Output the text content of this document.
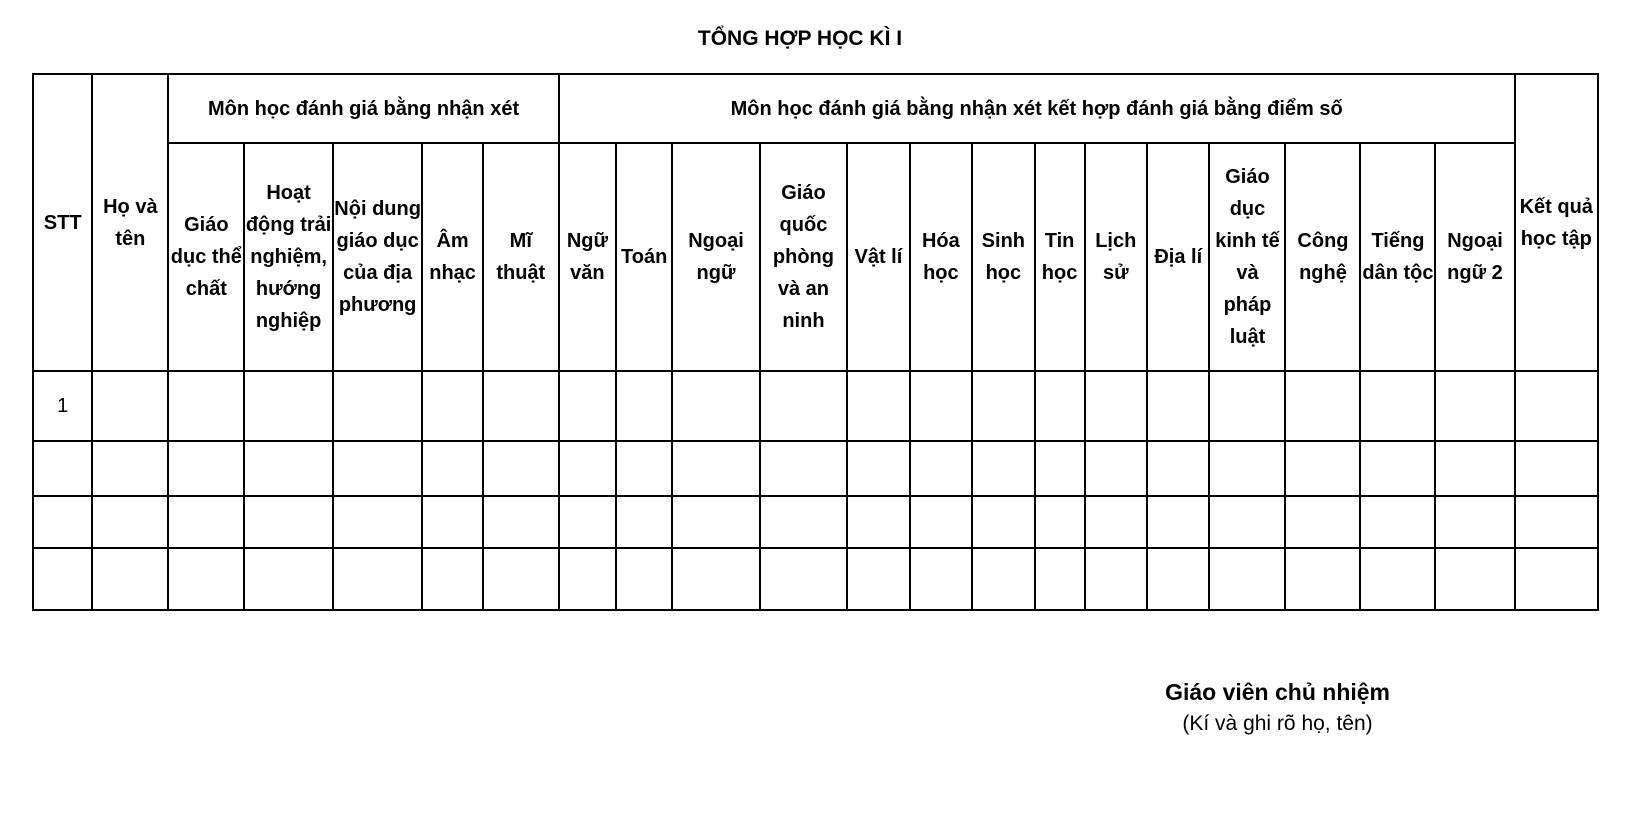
TỔNG HỢP HỌC KÌ I
STT	Họ và tên	Môn học đánh giá bằng nhận xét					Môn học đánh giá bằng nhận xét kết hợp đánh giá bằng điểm số														Kết quả học tập
		Giáo dục thể chất	Hoạt động trải nghiệm, hướng nghiệp	Nội dung giáo dục của địa phương	Âm nhạc	Mĩ thuật	Ngữ văn	Toán	Ngoại ngữ	Giáo quốc phòng và an ninh	Vật lí	Hóa học	Sinh học	Tin học	Lịch sử	Địa lí	Giáo dục kinh tế và pháp luật	Công nghệ	Tiếng dân tộc	Ngoại ngữ 2	
1																					

Giáo viên chủ nhiệm
(Kí và ghi rõ họ, tên)
